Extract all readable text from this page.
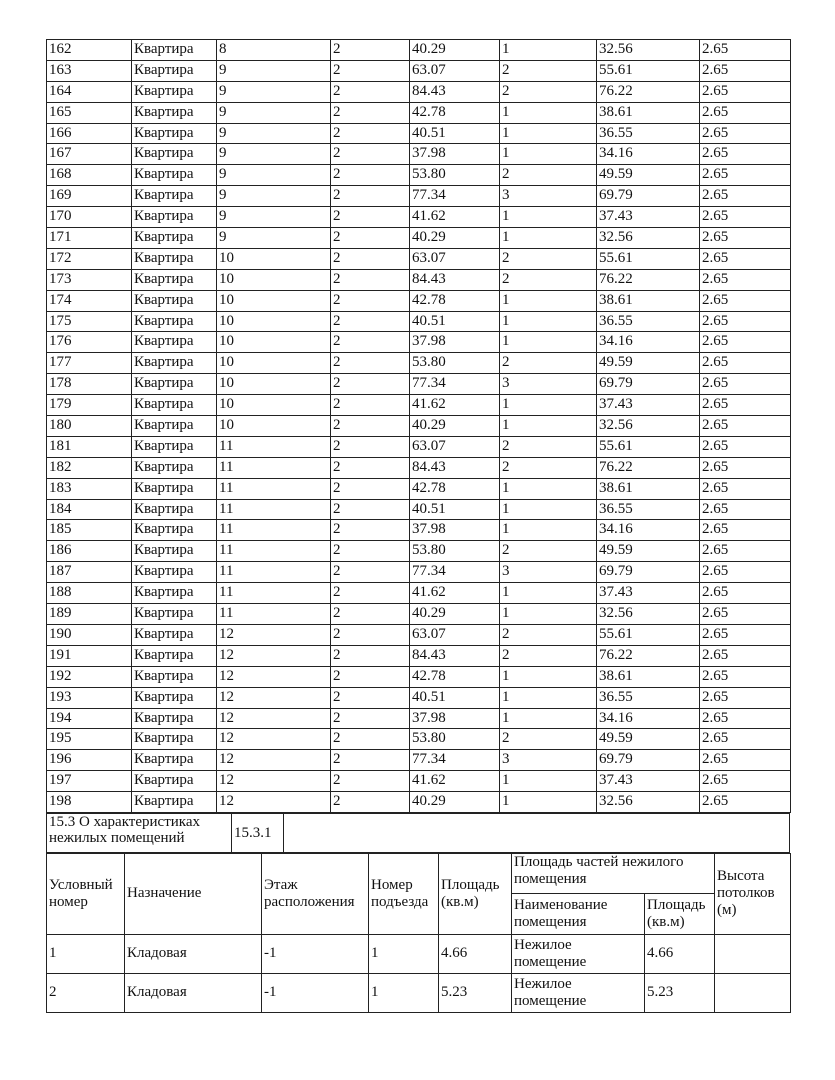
162	Квартира	8	2	40.29	1	32.56	2.65
163	Квартира	9	2	63.07	2	55.61	2.65
164	Квартира	9	2	84.43	2	76.22	2.65
165	Квартира	9	2	42.78	1	38.61	2.65
166	Квартира	9	2	40.51	1	36.55	2.65
167	Квартира	9	2	37.98	1	34.16	2.65
168	Квартира	9	2	53.80	2	49.59	2.65
169	Квартира	9	2	77.34	3	69.79	2.65
170	Квартира	9	2	41.62	1	37.43	2.65
171	Квартира	9	2	40.29	1	32.56	2.65
172	Квартира	10	2	63.07	2	55.61	2.65
173	Квартира	10	2	84.43	2	76.22	2.65
174	Квартира	10	2	42.78	1	38.61	2.65
175	Квартира	10	2	40.51	1	36.55	2.65
176	Квартира	10	2	37.98	1	34.16	2.65
177	Квартира	10	2	53.80	2	49.59	2.65
178	Квартира	10	2	77.34	3	69.79	2.65
179	Квартира	10	2	41.62	1	37.43	2.65
180	Квартира	10	2	40.29	1	32.56	2.65
181	Квартира	11	2	63.07	2	55.61	2.65
182	Квартира	11	2	84.43	2	76.22	2.65
183	Квартира	11	2	42.78	1	38.61	2.65
184	Квартира	11	2	40.51	1	36.55	2.65
185	Квартира	11	2	37.98	1	34.16	2.65
186	Квартира	11	2	53.80	2	49.59	2.65
187	Квартира	11	2	77.34	3	69.79	2.65
188	Квартира	11	2	41.62	1	37.43	2.65
189	Квартира	11	2	40.29	1	32.56	2.65
190	Квартира	12	2	63.07	2	55.61	2.65
191	Квартира	12	2	84.43	2	76.22	2.65
192	Квартира	12	2	42.78	1	38.61	2.65
193	Квартира	12	2	40.51	1	36.55	2.65
194	Квартира	12	2	37.98	1	34.16	2.65
195	Квартира	12	2	53.80	2	49.59	2.65
196	Квартира	12	2	77.34	3	69.79	2.65
197	Квартира	12	2	41.62	1	37.43	2.65
198	Квартира	12	2	40.29	1	32.56	2.65
15.3 О характеристиках нежилых помещений	15.3.1	
Условный номер	Назначение	Этаж расположения	Номер подъезда	Площадь (кв.м)	Площадь частей нежилого помещения		Высота потолков (м)
					Наименование помещения	Площадь (кв.м)	
1	Кладовая	-1	1	4.66	Нежилое помещение	4.66	
2	Кладовая	-1	1	5.23	Нежилое помещение	5.23	
